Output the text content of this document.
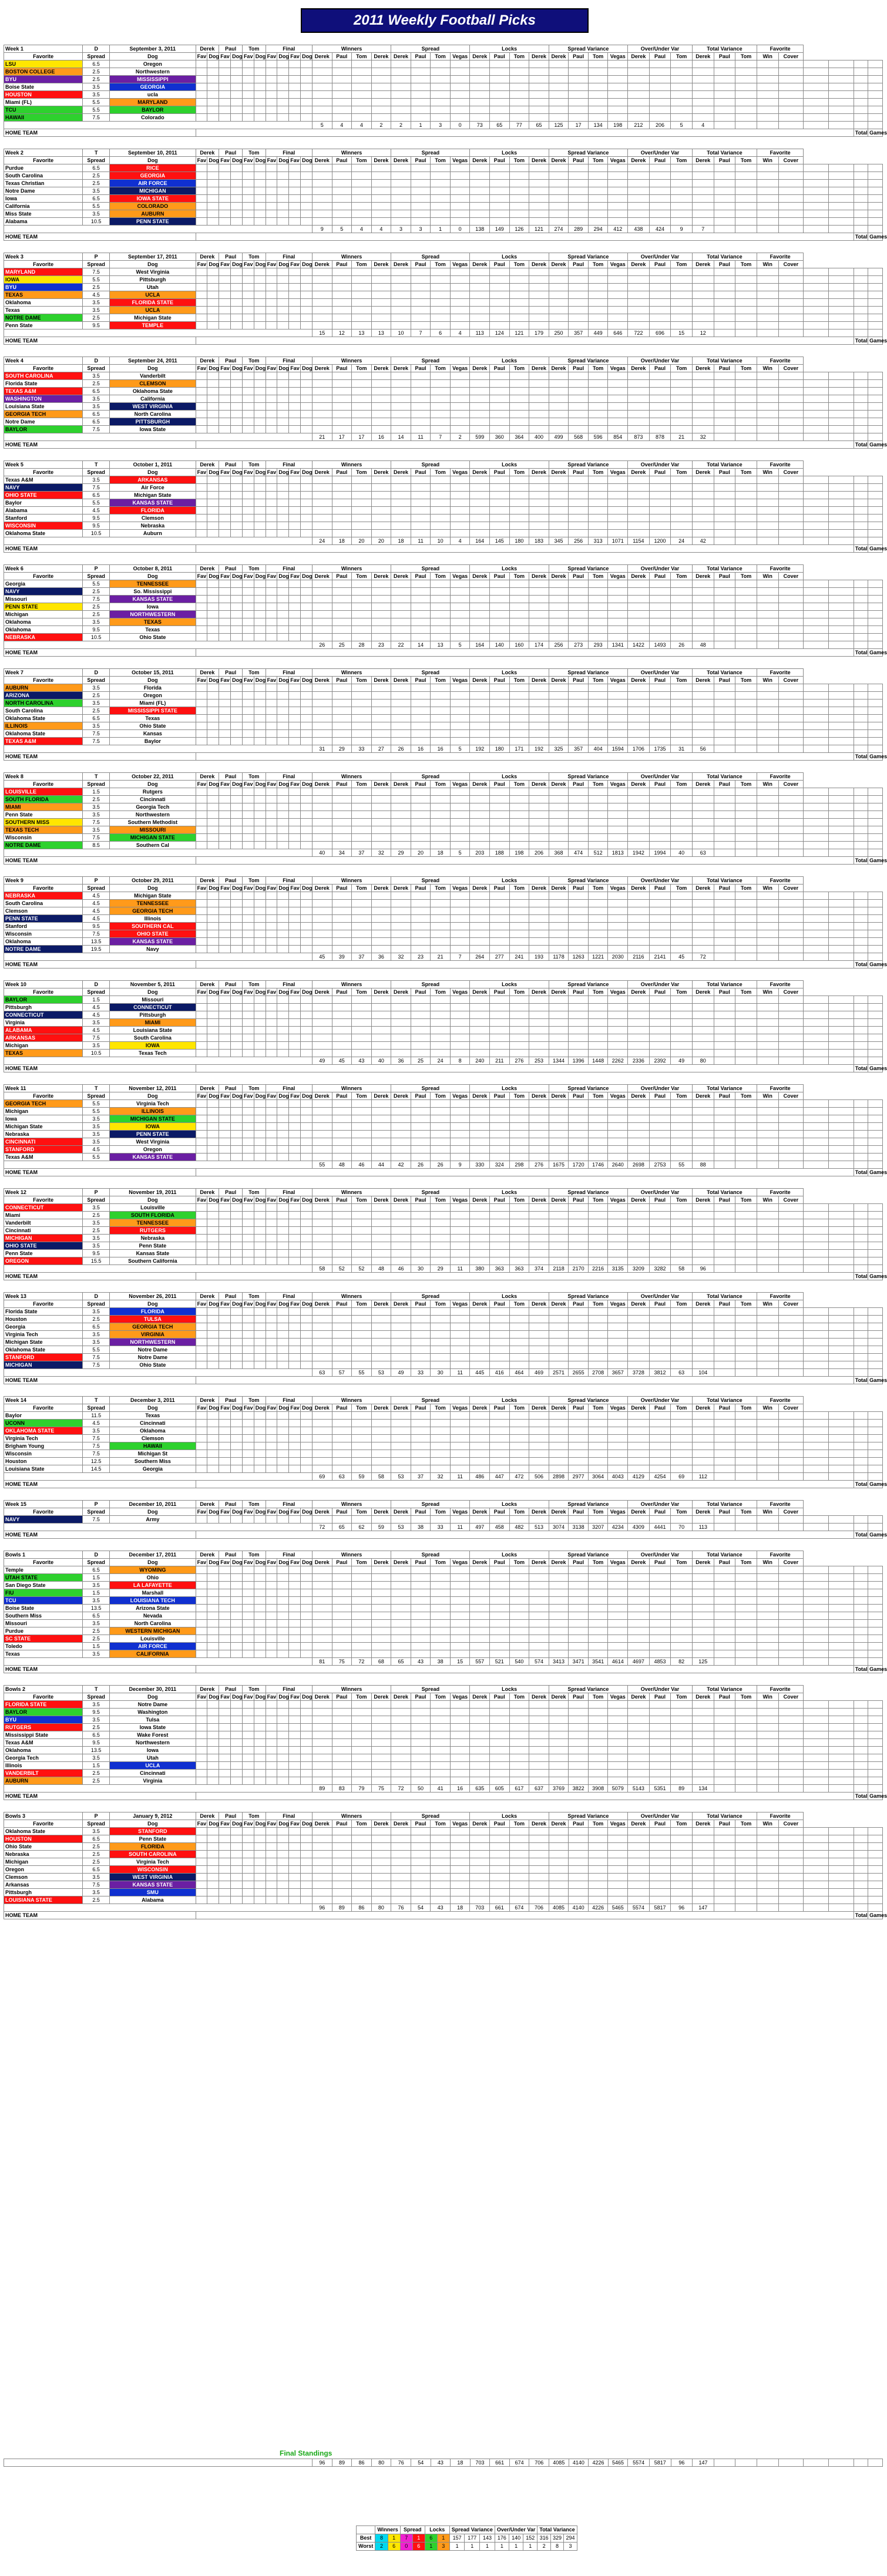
2011 Weekly Football Picks
Week 1	D	September 3, 2011	Derek		Paul		Tom		Final				Winners				Spread				Locks				Spread Variance				Over/Under Var			Total Variance			Favorite					
Favorite	Spread	Dog	Fav	Dog	Fav	Dog	Fav	Dog	Fav	Dog	Fav	Dog	Derek	Paul	Tom	Derek	Derek	Paul	Tom	Vegas	Derek	Paul	Tom	Derek	Derek	Paul	Tom	Vegas	Derek	Paul	Tom	Derek	Paul	Tom	Win	Cover				
LSU	6.5	Oregon																																						
BOSTON COLLEGE	2.5	Northwestern																																						
BYU	2.5	MISSISSIPPI																																						
Boise State	3.5	GEORGIA																																						
HOUSTON	3.5	ucla																																						
Miami (FL)	5.5	MARYLAND																																						
TCU	5.5	BAYLOR																																						
HAWAII	7.5	Colorado																																						
													5	4	4	2	2	1	3	0	73	65	77	65	125	17	134	198	212	206	5	4								
HOME TEAM																																							Total	Games
Week 2	T	September 10, 2011	Derek		Paul		Tom		Final				Winners				Spread				Locks				Spread Variance				Over/Under Var			Total Variance			Favorite					
Favorite	Spread	Dog	Fav	Dog	Fav	Dog	Fav	Dog	Fav	Dog	Fav	Dog	Derek	Paul	Tom	Derek	Derek	Paul	Tom	Vegas	Derek	Paul	Tom	Derek	Derek	Paul	Tom	Vegas	Derek	Paul	Tom	Derek	Paul	Tom	Win	Cover				
Purdue	6.5	RICE																																						
South Carolina	2.5	GEORGIA																																						
Texas Christian	2.5	AIR FORCE																																						
Notre Dame	3.5	MICHIGAN																																						
Iowa	6.5	IOWA STATE																																						
California	5.5	COLORADO																																						
Miss State	3.5	AUBURN																																						
Alabama	10.5	PENN STATE																																						
													9	5	4	4	3	3	1	0	138	149	126	121	274	289	294	412	438	424	9	7								
HOME TEAM																																							Total	Games
Week 3	P	September 17, 2011	Derek		Paul		Tom		Final				Winners				Spread				Locks				Spread Variance				Over/Under Var			Total Variance			Favorite					
Favorite	Spread	Dog	Fav	Dog	Fav	Dog	Fav	Dog	Fav	Dog	Fav	Dog	Derek	Paul	Tom	Derek	Derek	Paul	Tom	Vegas	Derek	Paul	Tom	Derek	Derek	Paul	Tom	Vegas	Derek	Paul	Tom	Derek	Paul	Tom	Win	Cover				
MARYLAND	7.5	West Virginia																																						
IOWA	5.5	Pittsburgh																																						
BYU	2.5	Utah																																						
TEXAS	4.5	UCLA																																						
Oklahoma	3.5	FLORIDA STATE																																						
Texas	3.5	UCLA																																						
NOTRE DAME	2.5	Michigan State																																						
Penn State	9.5	TEMPLE																																						
													15	12	13	13	10	7	6	4	113	124	121	179	250	357	449	646	722	696	15	12								
HOME TEAM																																							Total	Games
Week 4	D	September 24, 2011	Derek		Paul		Tom		Final				Winners				Spread				Locks				Spread Variance				Over/Under Var			Total Variance			Favorite					
Favorite	Spread	Dog	Fav	Dog	Fav	Dog	Fav	Dog	Fav	Dog	Fav	Dog	Derek	Paul	Tom	Derek	Derek	Paul	Tom	Vegas	Derek	Paul	Tom	Derek	Derek	Paul	Tom	Vegas	Derek	Paul	Tom	Derek	Paul	Tom	Win	Cover				
SOUTH CAROLINA	3.5	Vanderbilt																																						
Florida State	2.5	CLEMSON																																						
TEXAS A&M	6.5	Oklahoma State																																						
WASHINGTON	3.5	California																																						
Louisiana State	3.5	WEST VIRGINIA																																						
GEORGIA TECH	6.5	North Carolina																																						
Notre Dame	6.5	PITTSBURGH																																						
BAYLOR	7.5	Iowa State																																						
													21	17	17	16	14	11	7	2	599	360	364	400	499	568	596	854	873	878	21	32								
HOME TEAM																																							Total	Games
Week 5	T	October 1, 2011	Derek		Paul		Tom		Final				Winners				Spread				Locks				Spread Variance				Over/Under Var			Total Variance			Favorite					
Favorite	Spread	Dog	Fav	Dog	Fav	Dog	Fav	Dog	Fav	Dog	Fav	Dog	Derek	Paul	Tom	Derek	Derek	Paul	Tom	Vegas	Derek	Paul	Tom	Derek	Derek	Paul	Tom	Vegas	Derek	Paul	Tom	Derek	Paul	Tom	Win	Cover				
Texas A&M	3.5	ARKANSAS																																						
NAVY	7.5	Air Force																																						
OHIO STATE	6.5	Michigan State																																						
Baylor	5.5	KANSAS STATE																																						
Alabama	4.5	FLORIDA																																						
Stanford	9.5	Clemson																																						
WISCONSIN	9.5	Nebraska																																						
Oklahoma State	10.5	Auburn																																						
													24	18	20	20	18	11	10	4	164	145	180	183	345	256	313	1071	1154	1200	24	42								
HOME TEAM																																							Total	Games
Week 6	P	October 8, 2011	Derek		Paul		Tom		Final				Winners				Spread				Locks				Spread Variance				Over/Under Var			Total Variance			Favorite					
Favorite	Spread	Dog	Fav	Dog	Fav	Dog	Fav	Dog	Fav	Dog	Fav	Dog	Derek	Paul	Tom	Derek	Derek	Paul	Tom	Vegas	Derek	Paul	Tom	Derek	Derek	Paul	Tom	Vegas	Derek	Paul	Tom	Derek	Paul	Tom	Win	Cover				
Georgia	5.5	TENNESSEE																																						
NAVY	2.5	So. Mississippi																																						
Missouri	7.5	KANSAS STATE																																						
PENN STATE	2.5	Iowa																																						
Michigan	2.5	NORTHWESTERN																																						
Oklahoma	3.5	TEXAS																																						
Oklahoma	9.5	Texas																																						
NEBRASKA	10.5	Ohio State																																						
													26	25	28	23	22	14	13	5	164	140	160	174	256	273	293	1341	1422	1493	26	48								
HOME TEAM																																							Total	Games
Week 7	D	October 15, 2011	Derek		Paul		Tom		Final				Winners				Spread				Locks				Spread Variance				Over/Under Var			Total Variance			Favorite					
Favorite	Spread	Dog	Fav	Dog	Fav	Dog	Fav	Dog	Fav	Dog	Fav	Dog	Derek	Paul	Tom	Derek	Derek	Paul	Tom	Vegas	Derek	Paul	Tom	Derek	Derek	Paul	Tom	Vegas	Derek	Paul	Tom	Derek	Paul	Tom	Win	Cover				
AUBURN	3.5	Florida																																						
ARIZONA	2.5	Oregon																																						
NORTH CAROLINA	3.5	Miami (FL)																																						
South Carolina	2.5	MISSISSIPPI STATE																																						
Oklahoma State	6.5	Texas																																						
ILLINOIS	3.5	Ohio State																																						
Oklahoma State	7.5	Kansas																																						
TEXAS A&M	7.5	Baylor																																						
													31	29	33	27	26	16	16	5	192	180	171	192	325	357	404	1594	1706	1735	31	56								
HOME TEAM																																							Total	Games
Week 8	T	October 22, 2011	Derek		Paul		Tom		Final				Winners				Spread				Locks				Spread Variance				Over/Under Var			Total Variance			Favorite					
Favorite	Spread	Dog	Fav	Dog	Fav	Dog	Fav	Dog	Fav	Dog	Fav	Dog	Derek	Paul	Tom	Derek	Derek	Paul	Tom	Vegas	Derek	Paul	Tom	Derek	Derek	Paul	Tom	Vegas	Derek	Paul	Tom	Derek	Paul	Tom	Win	Cover				
LOUISVILLE	1.5	Rutgers																																						
SOUTH FLORIDA	2.5	Cincinnati																																						
MIAMI	3.5	Georgia Tech																																						
Penn State	3.5	Northwestern																																						
SOUTHERN MISS	7.5	Southern Methodist																																						
TEXAS TECH	3.5	MISSOURI																																						
Wisconsin	7.5	MICHIGAN STATE																																						
NOTRE DAME	8.5	Southern Cal																																						
													40	34	37	32	29	20	18	5	203	188	198	206	368	474	512	1813	1942	1994	40	63								
HOME TEAM																																							Total	Games
Week 9	P	October 29, 2011	Derek		Paul		Tom		Final				Winners				Spread				Locks				Spread Variance				Over/Under Var			Total Variance			Favorite					
Favorite	Spread	Dog	Fav	Dog	Fav	Dog	Fav	Dog	Fav	Dog	Fav	Dog	Derek	Paul	Tom	Derek	Derek	Paul	Tom	Vegas	Derek	Paul	Tom	Derek	Derek	Paul	Tom	Vegas	Derek	Paul	Tom	Derek	Paul	Tom	Win	Cover				
NEBRASKA	4.5	Michigan State																																						
South Carolina	4.5	TENNESSEE																																						
Clemson	4.5	GEORGIA TECH																																						
PENN STATE	4.5	Illinois																																						
Stanford	9.5	SOUTHERN CAL																																						
Wisconsin	7.5	OHIO STATE																																						
Oklahoma	13.5	KANSAS STATE																																						
NOTRE DAME	19.5	Navy																																						
													45	39	37	36	32	23	21	7	264	277	241	193	1178	1263	1221	2030	2116	2141	45	72								
HOME TEAM																																							Total	Games
Week 10	D	November 5, 2011	Derek		Paul		Tom		Final				Winners				Spread				Locks				Spread Variance				Over/Under Var			Total Variance			Favorite					
Favorite	Spread	Dog	Fav	Dog	Fav	Dog	Fav	Dog	Fav	Dog	Fav	Dog	Derek	Paul	Tom	Derek	Derek	Paul	Tom	Vegas	Derek	Paul	Tom	Derek	Derek	Paul	Tom	Vegas	Derek	Paul	Tom	Derek	Paul	Tom	Win	Cover				
BAYLOR	1.5	Missouri																																						
Pittsburgh	4.5	CONNECTICUT																																						
CONNECTICUT	4.5	Pittsburgh																																						
Virginia	3.5	MIAMI																																						
ALABAMA	4.5	Louisiana State																																						
ARKANSAS	7.5	South Carolina																																						
Michigan	3.5	IOWA																																						
TEXAS	10.5	Texas Tech																																						
													49	45	43	40	36	25	24	8	240	211	276	253	1344	1396	1448	2262	2336	2392	49	80								
HOME TEAM																																							Total	Games
Week 11	T	November 12, 2011	Derek		Paul		Tom		Final				Winners				Spread				Locks				Spread Variance				Over/Under Var			Total Variance			Favorite					
Favorite	Spread	Dog	Fav	Dog	Fav	Dog	Fav	Dog	Fav	Dog	Fav	Dog	Derek	Paul	Tom	Derek	Derek	Paul	Tom	Vegas	Derek	Paul	Tom	Derek	Derek	Paul	Tom	Vegas	Derek	Paul	Tom	Derek	Paul	Tom	Win	Cover				
GEORGIA TECH	5.5	Virginia Tech																																						
Michigan	5.5	ILLINOIS																																						
Iowa	3.5	MICHIGAN STATE																																						
Michigan State	3.5	IOWA																																						
Nebraska	3.5	PENN STATE																																						
CINCINNATI	3.5	West Virginia																																						
STANFORD	4.5	Oregon																																						
Texas A&M	5.5	KANSAS STATE																																						
													55	48	46	44	42	26	26	9	330	324	298	276	1675	1720	1746	2640	2698	2753	55	88								
HOME TEAM																																							Total	Games
Week 12	P	November 19, 2011	Derek		Paul		Tom		Final				Winners				Spread				Locks				Spread Variance				Over/Under Var			Total Variance			Favorite					
Favorite	Spread	Dog	Fav	Dog	Fav	Dog	Fav	Dog	Fav	Dog	Fav	Dog	Derek	Paul	Tom	Derek	Derek	Paul	Tom	Vegas	Derek	Paul	Tom	Derek	Derek	Paul	Tom	Vegas	Derek	Paul	Tom	Derek	Paul	Tom	Win	Cover				
CONNECTICUT	3.5	Louisville																																						
Miami	2.5	SOUTH FLORIDA																																						
Vanderbilt	3.5	TENNESSEE																																						
Cincinnati	2.5	RUTGERS																																						
MICHIGAN	3.5	Nebraska																																						
OHIO STATE	3.5	Penn State																																						
Penn State	9.5	Kansas State																																						
OREGON	15.5	Southern California																																						
													58	52	52	48	46	30	29	11	380	363	363	374	2118	2170	2216	3135	3209	3282	58	96								
HOME TEAM																																							Total	Games
Week 13	D	November 26, 2011	Derek		Paul		Tom		Final				Winners				Spread				Locks				Spread Variance				Over/Under Var			Total Variance			Favorite					
Favorite	Spread	Dog	Fav	Dog	Fav	Dog	Fav	Dog	Fav	Dog	Fav	Dog	Derek	Paul	Tom	Derek	Derek	Paul	Tom	Vegas	Derek	Paul	Tom	Derek	Derek	Paul	Tom	Vegas	Derek	Paul	Tom	Derek	Paul	Tom	Win	Cover				
Florida State	3.5	FLORIDA																																						
Houston	2.5	TULSA																																						
Georgia	6.5	GEORGIA TECH																																						
Virginia Tech	3.5	VIRGINIA																																						
Michigan State	3.5	NORTHWESTERN																																						
Oklahoma State	5.5	Notre Dame																																						
STANFORD	7.5	Notre Dame																																						
MICHIGAN	7.5	Ohio State																																						
													63	57	55	53	49	33	30	11	445	416	464	469	2571	2655	2708	3657	3728	3812	63	104								
HOME TEAM																																							Total	Games
Week 14	T	December 3, 2011	Derek		Paul		Tom		Final				Winners				Spread				Locks				Spread Variance				Over/Under Var			Total Variance			Favorite					
Favorite	Spread	Dog	Fav	Dog	Fav	Dog	Fav	Dog	Fav	Dog	Fav	Dog	Derek	Paul	Tom	Derek	Derek	Paul	Tom	Vegas	Derek	Paul	Tom	Derek	Derek	Paul	Tom	Vegas	Derek	Paul	Tom	Derek	Paul	Tom	Win	Cover				
Baylor	11.5	Texas																																						
UCONN	4.5	Cincinnati																																						
OKLAHOMA STATE	3.5	Oklahoma																																						
Virginia Tech	7.5	Clemson																																						
Brigham Young	7.5	HAWAII																																						
Wisconsin	7.5	Michigan St																																						
Houston	12.5	Southern Miss																																						
Louisiana State	14.5	Georgia																																						
													69	63	59	58	53	37	32	11	486	447	472	506	2898	2977	3064	4043	4129	4254	69	112								
HOME TEAM																																							Total	Games
Week 15	P	December 10, 2011	Derek		Paul		Tom		Final				Winners				Spread				Locks				Spread Variance				Over/Under Var			Total Variance			Favorite					
Favorite	Spread	Dog	Fav	Dog	Fav	Dog	Fav	Dog	Fav	Dog	Fav	Dog	Derek	Paul	Tom	Derek	Derek	Paul	Tom	Vegas	Derek	Paul	Tom	Derek	Derek	Paul	Tom	Vegas	Derek	Paul	Tom	Derek	Paul	Tom	Win	Cover				
NAVY	7.5	Army																																						
													72	65	62	59	53	38	33	11	497	458	482	513	3074	3138	3207	4234	4309	4441	70	113								
HOME TEAM																																							Total	Games
Bowls 1	D	December 17, 2011	Derek		Paul		Tom		Final				Winners				Spread				Locks				Spread Variance				Over/Under Var			Total Variance			Favorite					
Favorite	Spread	Dog	Fav	Dog	Fav	Dog	Fav	Dog	Fav	Dog	Fav	Dog	Derek	Paul	Tom	Derek	Derek	Paul	Tom	Vegas	Derek	Paul	Tom	Derek	Derek	Paul	Tom	Vegas	Derek	Paul	Tom	Derek	Paul	Tom	Win	Cover				
Temple	6.5	WYOMING																																						
UTAH STATE	1.5	Ohio																																						
San Diego State	3.5	LA LAFAYETTE																																						
FIU	1.5	Marshall																																						
TCU	3.5	LOUISIANA TECH																																						
Boise State	13.5	Arizona State																																						
Southern Miss	6.5	Nevada																																						
Missouri	3.5	North Carolina																																						
Purdue	2.5	WESTERN MICHIGAN																																						
SC STATE	2.5	Louisville																																						
Toledo	1.5	AIR FORCE																																						
Texas	3.5	CALIFORNIA																																						
													81	75	72	68	65	43	38	15	557	521	540	574	3413	3471	3541	4614	4697	4853	82	125								
HOME TEAM																																							Total	Games
Bowls 2	T	December 30, 2011	Derek		Paul		Tom		Final				Winners				Spread				Locks				Spread Variance				Over/Under Var			Total Variance			Favorite					
Favorite	Spread	Dog	Fav	Dog	Fav	Dog	Fav	Dog	Fav	Dog	Fav	Dog	Derek	Paul	Tom	Derek	Derek	Paul	Tom	Vegas	Derek	Paul	Tom	Derek	Derek	Paul	Tom	Vegas	Derek	Paul	Tom	Derek	Paul	Tom	Win	Cover				
FLORIDA STATE	3.5	Notre Dame																																						
BAYLOR	9.5	Washington																																						
BYU	3.5	Tulsa																																						
RUTGERS	2.5	Iowa State																																						
Mississippi State	6.5	Wake Forest																																						
Texas A&M	9.5	Northwestern																																						
Oklahoma	13.5	Iowa																																						
Georgia Tech	3.5	Utah																																						
Illinois	1.5	UCLA																																						
VANDERBILT	2.5	Cincinnati																																						
AUBURN	2.5	Virginia																																						
													89	83	79	75	72	50	41	16	635	605	617	637	3769	3822	3908	5079	5143	5351	89	134								
HOME TEAM																																							Total	Games
Bowls 3	P	January 9, 2012	Derek		Paul		Tom		Final				Winners				Spread				Locks				Spread Variance				Over/Under Var			Total Variance			Favorite					
Favorite	Spread	Dog	Fav	Dog	Fav	Dog	Fav	Dog	Fav	Dog	Fav	Dog	Derek	Paul	Tom	Derek	Derek	Paul	Tom	Vegas	Derek	Paul	Tom	Derek	Derek	Paul	Tom	Vegas	Derek	Paul	Tom	Derek	Paul	Tom	Win	Cover				
Oklahoma State	3.5	STANFORD																																						
HOUSTON	6.5	Penn State																																						
Ohio State	2.5	FLORIDA																																						
Nebraska	2.5	SOUTH CAROLINA																																						
Michigan	2.5	Virginia Tech																																						
Oregon	6.5	WISCONSIN																																						
Clemson	3.5	WEST VIRGINIA																																						
Arkansas	7.5	KANSAS STATE																																						
Pittsburgh	3.5	SMU																																						
LOUISIANA STATE	2.5	Alabama																																						
													96	89	86	80	76	54	43	18	703	661	674	706	4085	4140	4226	5465	5574	5817	96	147								
HOME TEAM																																							Total	Games
Final Standings
	96	89	86	80	76	54	43	18	703	661	674	706	4085	4140	4226	5465	5574	5817	96	147								
	Winners		Spread		Locks		Spread Variance			Over/Under Var			Total Variance		
Best	8	1	7	1	6	1	157	177	143	176	140	152	316	329	294
Worst	2	6	0	6	1	3	1	1	1	1	1	1	2	8	3
